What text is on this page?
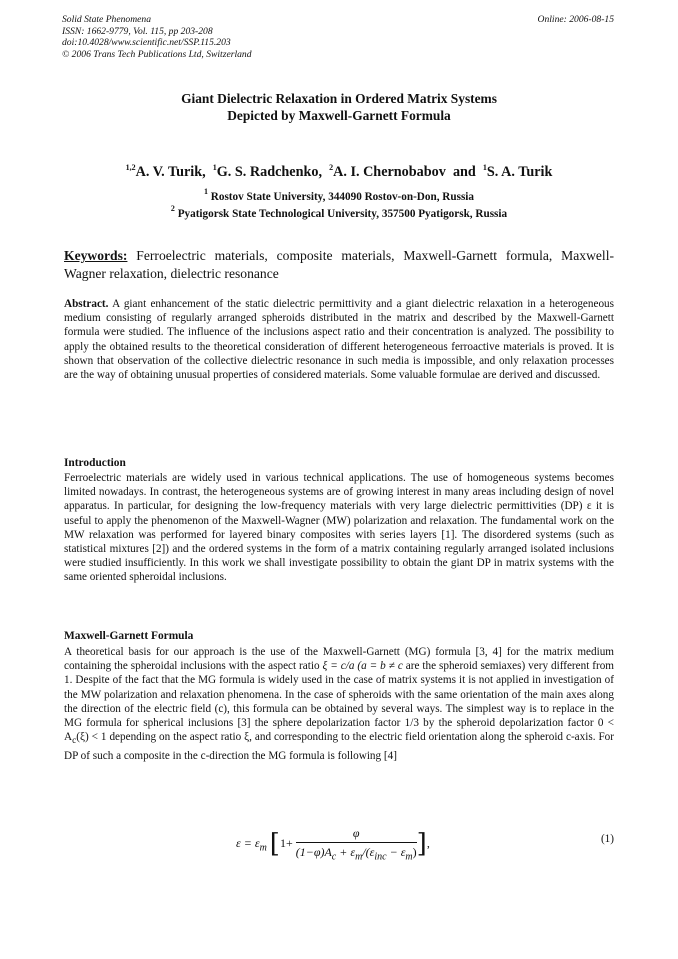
Solid State Phenomena
ISSN: 1662-9779, Vol. 115, pp 203-208
doi:10.4028/www.scientific.net/SSP.115.203
© 2006 Trans Tech Publications Ltd, Switzerland
Online: 2006-08-15
Giant Dielectric Relaxation in Ordered Matrix Systems
Depicted by Maxwell-Garnett Formula
$^{1,2}$A. V. Turik, $^1$G. S. Radchenko, $^2$A. I. Chernobabov and $^1$S. A. Turik
$^1$ Rostov State University, 344090 Rostov-on-Don, Russia
$^2$ Pyatigorsk State Technological University, 357500 Pyatigorsk, Russia
Keywords: Ferroelectric materials, composite materials, Maxwell-Garnett formula, Maxwell-Wagner relaxation, dielectric resonance
Abstract. A giant enhancement of the static dielectric permittivity and a giant dielectric relaxation in a heterogeneous medium consisting of regularly arranged spheroids distributed in the matrix and described by the Maxwell-Garnett formula were studied. The influence of the inclusions aspect ratio and their concentration is analyzed. The possibility to apply the obtained results to the theoretical consideration of different heterogeneous ferroactive materials is proved. It is shown that observation of the collective dielectric resonance in such media is impossible, and only relaxation processes are the way of obtaining unusual properties of considered materials. Some valuable formulae are derived and discussed.
Introduction
Ferroelectric materials are widely used in various technical applications. The use of homogeneous systems becomes limited nowadays. In contrast, the heterogeneous systems are of growing interest in many areas including design of novel apparatus. In particular, for designing the low-frequency materials with very large dielectric permittivities (DP) ε it is useful to apply the phenomenon of the Maxwell-Wagner (MW) polarization and relaxation. The fundamental work on the MW relaxation was performed for layered binary composites with series layers [1]. The disordered systems (such as statistical mixtures [2]) and the ordered systems in the form of a matrix containing regularly arranged isolated inclusions were studied insufficiently. In this work we shall investigate possibility to obtain the giant DP in matrix systems with the same oriented spheroidal inclusions.
Maxwell-Garnett Formula
A theoretical basis for our approach is the use of the Maxwell-Garnett (MG) formula [3, 4] for the matrix medium containing the spheroidal inclusions with the aspect ratio ξ = c/a (a = b ≠ c are the spheroid semiaxes) very different from 1. Despite of the fact that the MG formula is widely used in the case of matrix systems it is not applied in investigation of the MW polarization and relaxation phenomena. In the case of spheroids with the same orientation of the main axes along the direction of the electric field (c), this formula can be obtained by several ways. The simplest way is to replace in the MG formula for spherical inclusions [3] the sphere depolarization factor 1/3 by the spheroid depolarization factor $0 < A_c(\xi) < 1$ depending on the aspect ratio ξ, and corresponding to the electric field orientation along the spheroid c-axis. For DP of such a composite in the c-direction the MG formula is following [4]
$\varepsilon = \varepsilon_m$ [$1+ \frac{\varphi}{(1-\varphi)A_c + \varepsilon_m/(\varepsilon_{inc} - \varepsilon_m)}$ ],	(1)
